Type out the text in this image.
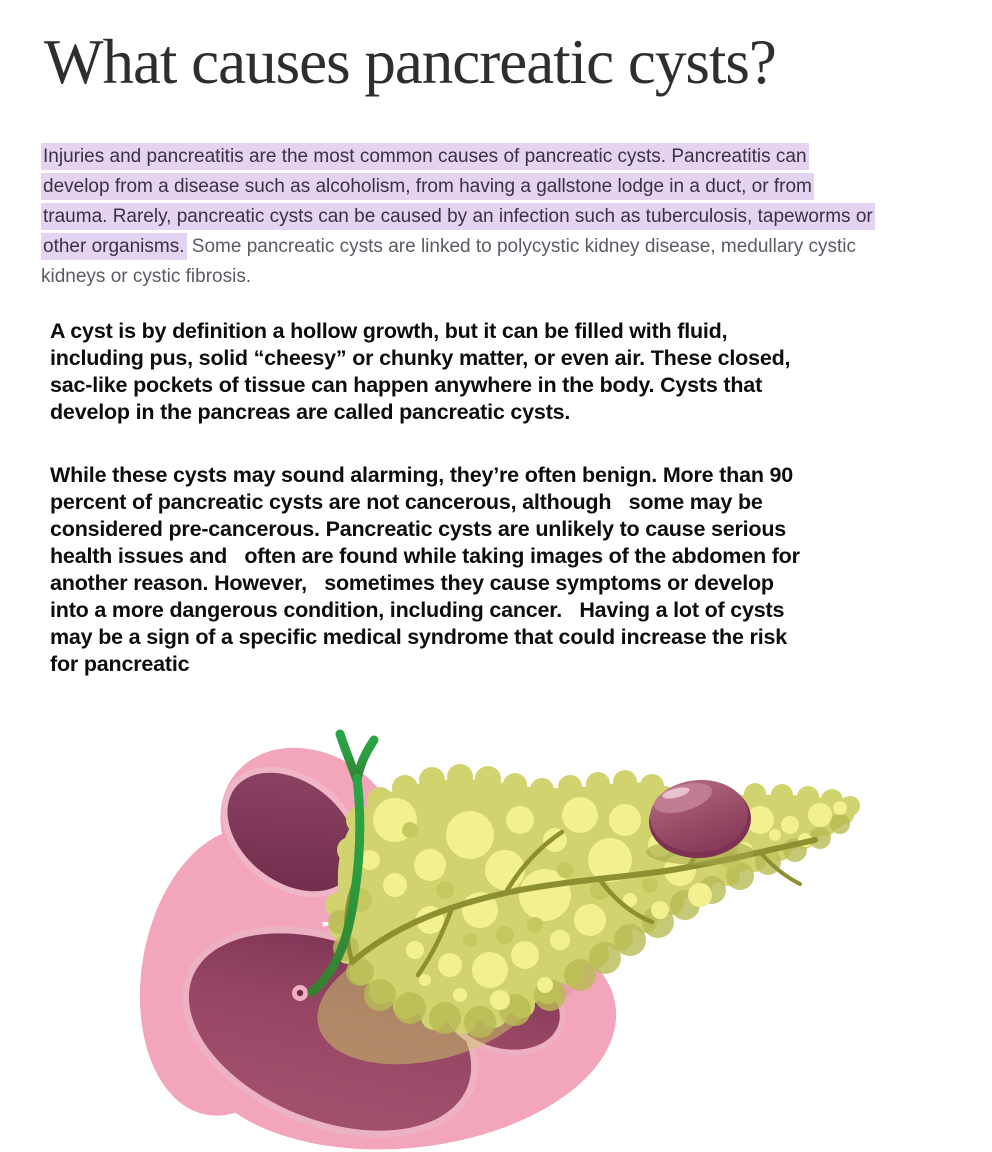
What causes pancreatic cysts?
Injuries and pancreatitis are the most common causes of pancreatic cysts. Pancreatitis can
develop from a disease such as alcoholism, from having a gallstone lodge in a duct, or from
trauma. Rarely, pancreatic cysts can be caused by an infection such as tuberculosis, tapeworms or
other organisms. Some pancreatic cysts are linked to polycystic kidney disease, medullary cystic
kidneys or cystic fibrosis.
A cyst is by definition a hollow growth, but it can be filled with fluid,
including pus, solid “cheesy” or chunky matter, or even air. These closed,
sac-like pockets of tissue can happen anywhere in the body. Cysts that
develop in the pancreas are called pancreatic cysts.
While these cysts may sound alarming, they’re often benign. More than 90
percent of pancreatic cysts are not cancerous, although   some may be
considered pre-cancerous. Pancreatic cysts are unlikely to cause serious
health issues and   often are found while taking images of the abdomen for
another reason. However,   sometimes they cause symptoms or develop
into a more dangerous condition, including cancer.   Having a lot of cysts
may be a sign of a specific medical syndrome that could increase the risk
for pancreatic
